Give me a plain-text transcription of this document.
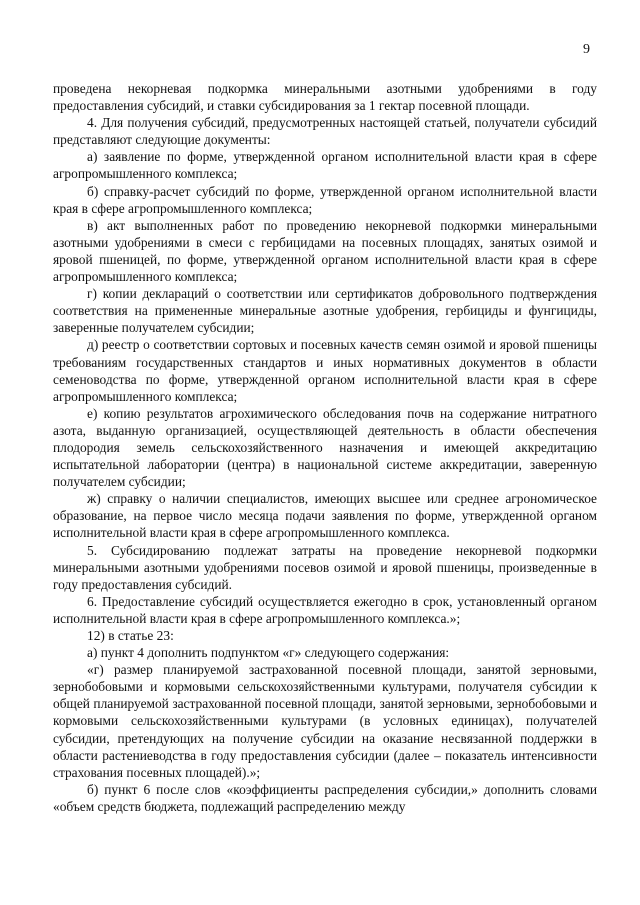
9

проведена некорневая подкормка минеральными азотными удобрениями в году предоставления субсидий, и ставки субсидирования за 1 гектар посевной площади.

4. Для получения субсидий, предусмотренных настоящей статьей, получатели субсидий представляют следующие документы:

а) заявление по форме, утвержденной органом исполнительной власти края в сфере агропромышленного комплекса;

б) справку-расчет субсидий по форме, утвержденной органом исполнительной власти края в сфере агропромышленного комплекса;

в) акт выполненных работ по проведению некорневой подкормки минеральными азотными удобрениями в смеси с гербицидами на посевных площадях, занятых озимой и яровой пшеницей, по форме, утвержденной органом исполнительной власти края в сфере агропромышленного комплекса;

г) копии деклараций о соответствии или сертификатов добровольного подтверждения соответствия на примененные минеральные азотные удобрения, гербициды и фунгициды, заверенные получателем субсидии;

д) реестр о соответствии сортовых и посевных качеств семян озимой и яровой пшеницы требованиям государственных стандартов и иных нормативных документов в области семеноводства по форме, утвержденной органом исполнительной власти края в сфере агропромышленного комплекса;

е) копию результатов агрохимического обследования почв на содержание нитратного азота, выданную организацией, осуществляющей деятельность в области обеспечения плодородия земель сельскохозяйственного назначения и имеющей аккредитацию испытательной лаборатории (центра) в национальной системе аккредитации, заверенную получателем субсидии;

ж) справку о наличии специалистов, имеющих высшее или среднее агрономическое образование, на первое число месяца подачи заявления по форме, утвержденной органом исполнительной власти края в сфере агропромышленного комплекса.

5. Субсидированию подлежат затраты на проведение некорневой подкормки минеральными азотными удобрениями посевов озимой и яровой пшеницы, произведенные в году предоставления субсидий.

6. Предоставление субсидий осуществляется ежегодно в срок, установленный органом исполнительной власти края в сфере агропромышленного комплекса.»;

12) в статье 23:

а) пункт 4 дополнить подпунктом «г» следующего содержания:

«г) размер планируемой застрахованной посевной площади, занятой зерновыми, зернобобовыми и кормовыми сельскохозяйственными культурами, получателя субсидии к общей планируемой застрахованной посевной площади, занятой зерновыми, зернобобовыми и кормовыми сельскохозяйственными культурами (в условных единицах), получателей субсидии, претендующих на получение субсидии на оказание несвязанной поддержки в области растениеводства в году предоставления субсидии (далее – показатель интенсивности страхования посевных площадей).»;

б) пункт 6 после слов «коэффициенты распределения субсидии,» дополнить словами «объем средств бюджета, подлежащий распределению между
